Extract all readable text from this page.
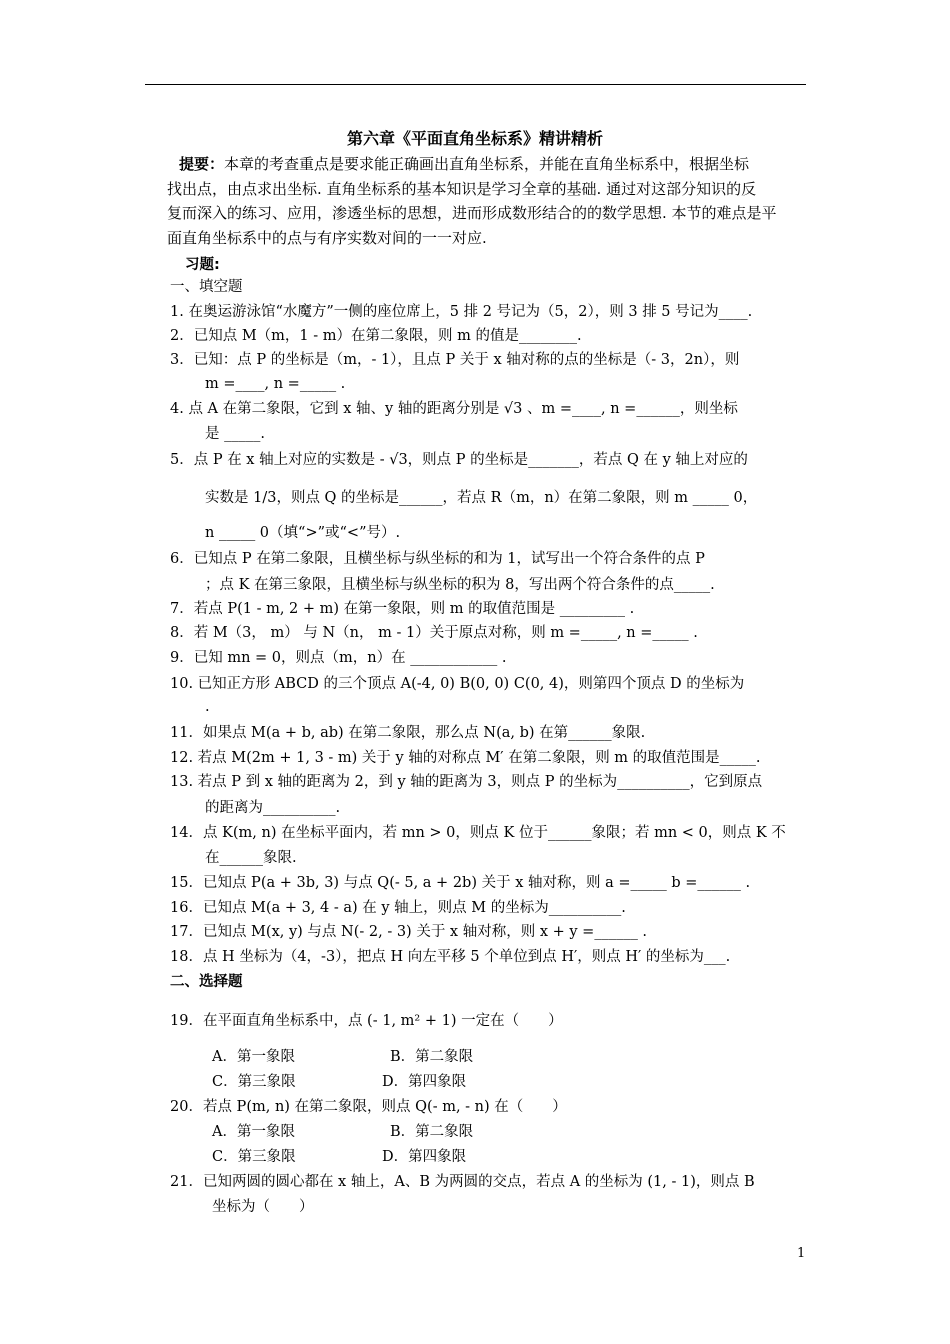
第六章《平面直角坐标系》精讲精析
提要：本章的考查重点是要求能正确画出直角坐标系，并能在直角坐标系中，根据坐标
找出点，由点求出坐标. 直角坐标系的基本知识是学习全章的基础. 通过对这部分知识的反
复而深入的练习、应用，渗透坐标的思想，进而形成数形结合的的数学思想. 本节的难点是平
面直角坐标系中的点与有序实数对间的一一对应.
习题:
一、填空题
1. 在奥运游泳馆“水魔方”一侧的座位席上，5 排 2 号记为（5，2），则 3 排 5 号记为____.
2．已知点 M（m，1 - m）在第二象限，则 m 的值是________.
3．已知：点 P 的坐标是（m，- 1），且点 P 关于 x 轴对称的点的坐标是（- 3，2n），则
m =____, n =_____ .
4. 点 A 在第二象限，它到 x 轴、y 轴的距离分别是 √3 、m =____, n =______，则坐标
是 _____.
5．点 P 在 x 轴上对应的实数是 - √3，则点 P 的坐标是_______，若点 Q 在 y 轴上对应的
实数是 1/3，则点 Q 的坐标是______，若点 R（m，n）在第二象限，则 m _____ 0，
n _____ 0（填“>”或“<”号）.
6．已知点 P 在第二象限，且横坐标与纵坐标的和为 1，试写出一个符合条件的点 P
；点 K 在第三象限，且横坐标与纵坐标的积为 8，写出两个符合条件的点_____.
7．若点 P(1 - m, 2 + m) 在第一象限，则 m 的取值范围是 _________ .
8．若 M（3， m） 与 N（n， m - 1）关于原点对称，则 m =_____, n =_____ .
9．已知 mn = 0，则点（m，n）在 ____________ .
10. 已知正方形 ABCD 的三个顶点 A(-4, 0) B(0, 0) C(0, 4)，则第四个顶点 D 的坐标为
.
11．如果点 M(a + b, ab) 在第二象限，那么点 N(a, b) 在第______象限.
12. 若点 M(2m + 1, 3 - m) 关于 y 轴的对称点 M′ 在第二象限，则 m 的取值范围是_____.
13. 若点 P 到 x 轴的距离为 2，到 y 轴的距离为 3，则点 P 的坐标为__________，它到原点
的距离为__________.
14．点 K(m, n) 在坐标平面内，若 mn > 0，则点 K 位于______象限；若 mn < 0，则点 K 不
在______象限.
15．已知点 P(a + 3b, 3) 与点 Q(- 5, a + 2b) 关于 x 轴对称，则 a =_____ b =______ .
16．已知点 M(a + 3, 4 - a) 在 y 轴上，则点 M 的坐标为__________.
17．已知点 M(x, y) 与点 N(- 2, - 3) 关于 x 轴对称，则 x + y =______ .
18．点 H 坐标为（4，-3），把点 H 向左平移 5 个单位到点 H′，则点 H′ 的坐标为___.
二、选择题
19．在平面直角坐标系中，点 (- 1, m² + 1) 一定在（　　）
A．第一象限	B．第二象限
C．第三象限	D．第四象限
20．若点 P(m, n) 在第二象限，则点 Q(- m, - n) 在（　　）
A．第一象限	B．第二象限
C．第三象限	D．第四象限
21．已知两圆的圆心都在 x 轴上，A、B 为两圆的交点，若点 A 的坐标为 (1, - 1)，则点 B
坐标为（　　）
1
